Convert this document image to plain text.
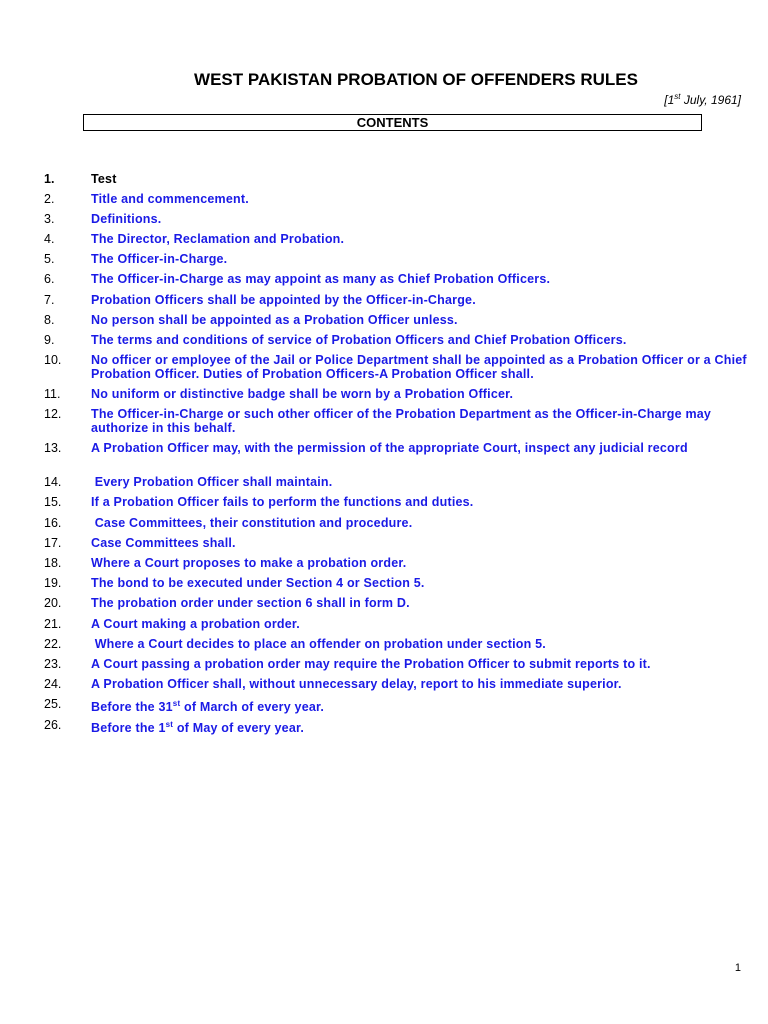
WEST PAKISTAN PROBATION OF OFFENDERS RULES
[1st July, 1961]
CONTENTS
1.	Test
2.	Title and commencement.
3.	Definitions.
4.	The Director, Reclamation and Probation.
5.	The Officer-in-Charge.
6.	The Officer-in-Charge as may appoint as many as Chief Probation Officers.
7.	Probation Officers shall be appointed by the Officer-in-Charge.
8.	No person shall be appointed as a Probation Officer unless.
9.	The terms and conditions of service of Probation Officers and Chief Probation Officers.
10. No officer or employee of the Jail or Police Department shall be appointed as a Probation Officer or a Chief Probation Officer. Duties of Probation Officers-A Probation Officer shall.
11. No uniform or distinctive badge shall be worn by a Probation Officer.
12. The Officer-in-Charge or such other officer of the Probation Department as the Officer-in-Charge may authorize in this behalf.
13. A Probation Officer may, with the permission of the appropriate Court, inspect any judicial record
14. Every Probation Officer shall maintain.
15. If a Probation Officer fails to perform the functions and duties.
16. Case Committees, their constitution and procedure.
17. Case Committees shall.
18. Where a Court proposes to make a probation order.
19. The bond to be executed under Section 4 or Section 5.
20. The probation order under section 6 shall in form D.
21. A Court making a probation order.
22. Where a Court decides to place an offender on probation under section 5.
23. A Court passing a probation order may require the Probation Officer to submit reports to it.
24. A Probation Officer shall, without unnecessary delay, report to his immediate superior.
25. Before the 31st of March of every year.
26. Before the 1st of May of every year.
1
